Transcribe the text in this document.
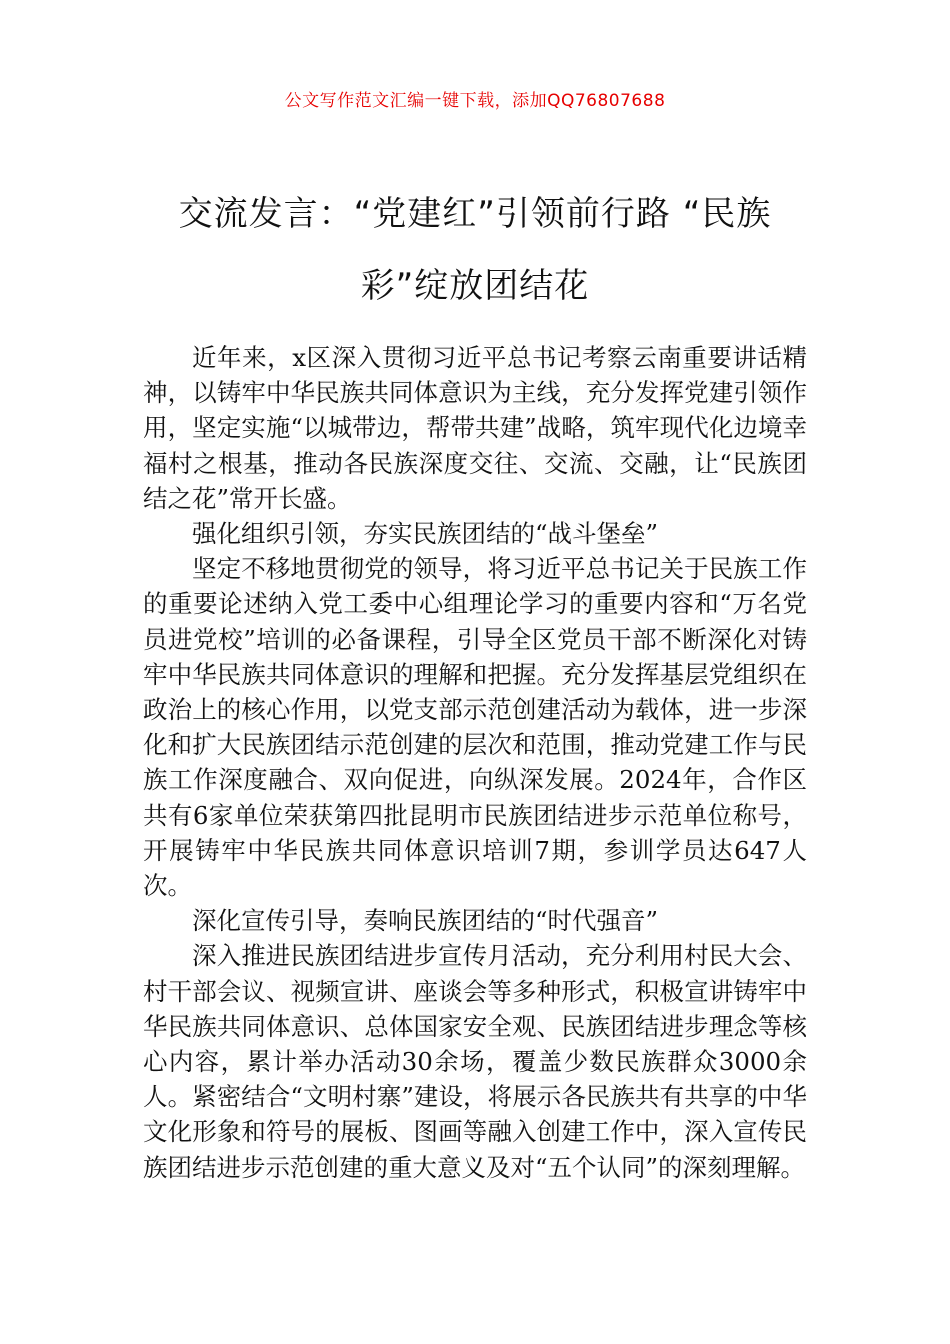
公文写作范文汇编一键下载，添加QQ76807688
交流发言：“党建红”引领前行路 “民族
彩”绽放团结花

近年来，x区深入贯彻习近平总书记考察云南重要讲话精神，以铸牢中华民族共同体意识为主线，充分发挥党建引领作用，坚定实施“以城带边，帮带共建”战略，筑牢现代化边境幸福村之根基，推动各民族深度交往、交流、交融，让“民族团结之花”常开长盛。

强化组织引领，夯实民族团结的“战斗堡垒”

坚定不移地贯彻党的领导，将习近平总书记关于民族工作的重要论述纳入党工委中心组理论学习的重要内容和“万名党员进党校”培训的必备课程，引导全区党员干部不断深化对铸牢中华民族共同体意识的理解和把握。充分发挥基层党组织在政治上的核心作用，以党支部示范创建活动为载体，进一步深化和扩大民族团结示范创建的层次和范围，推动党建工作与民族工作深度融合、双向促进，向纵深发展。2024年，合作区共有6家单位荣获第四批昆明市民族团结进步示范单位称号，开展铸牢中华民族共同体意识培训7期，参训学员达647人次。

深化宣传引导，奏响民族团结的“时代强音”

深入推进民族团结进步宣传月活动，充分利用村民大会、村干部会议、视频宣讲、座谈会等多种形式，积极宣讲铸牢中华民族共同体意识、总体国家安全观、民族团结进步理念等核心内容，累计举办活动30余场，覆盖少数民族群众3000余人。紧密结合“文明村寨”建设，将展示各民族共有共享的中华文化形象和符号的展板、图画等融入创建工作中，深入宣传民族团结进步示范创建的重大意义及对“五个认同”的深刻理解。
